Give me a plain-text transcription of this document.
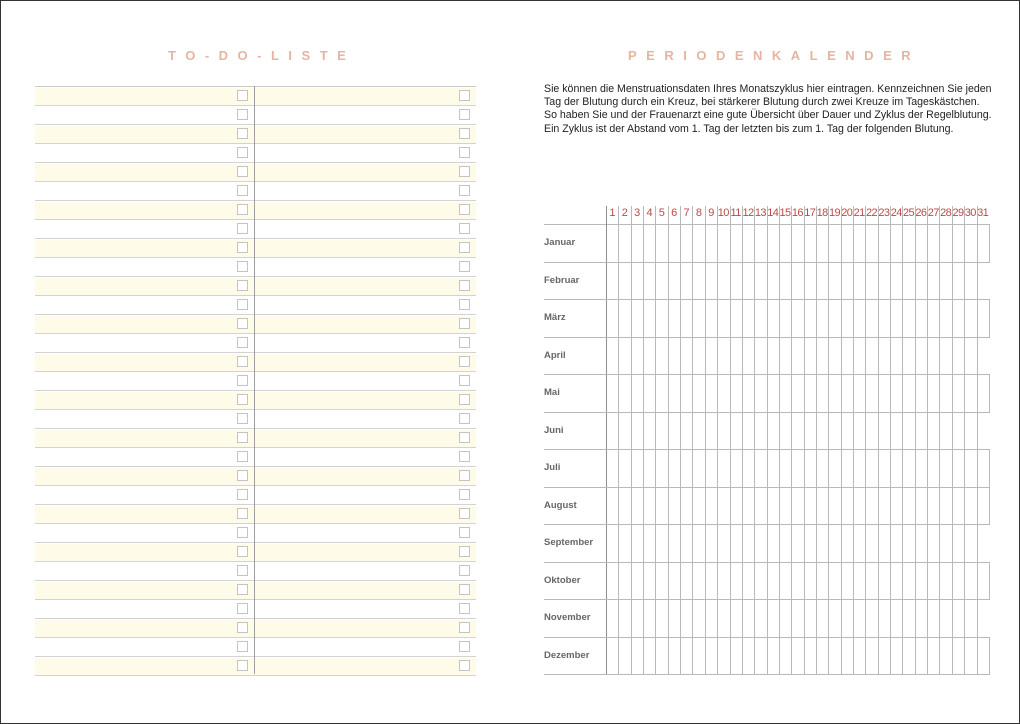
TO-DO-LISTE	PERIODENKALENDER

Sie können die Menstruationsdaten Ihres Monatszyklus hier eintragen. Kennzeichnen Sie jeden

Tag der Blutung durch ein Kreuz, bei stärkerer Blutung durch zwei Kreuze im Tageskästchen.

So haben Sie und der Frauenarzt eine gute Übersicht über Dauer und Zyklus der Regelblutung.

Ein Zyklus ist der Abstand vom 1. Tag der letzten bis zum 1. Tag der folgenden Blutung.

1 2 3 4 5 6 7 8 9 10 11 12 13 14 15 16 17 18 19 20 21 22 23 24 25 26 27 28 29 30 31
Januar
Februar
März
April
Mai
Juni
Juli
August
September
Oktober
November
Dezember
